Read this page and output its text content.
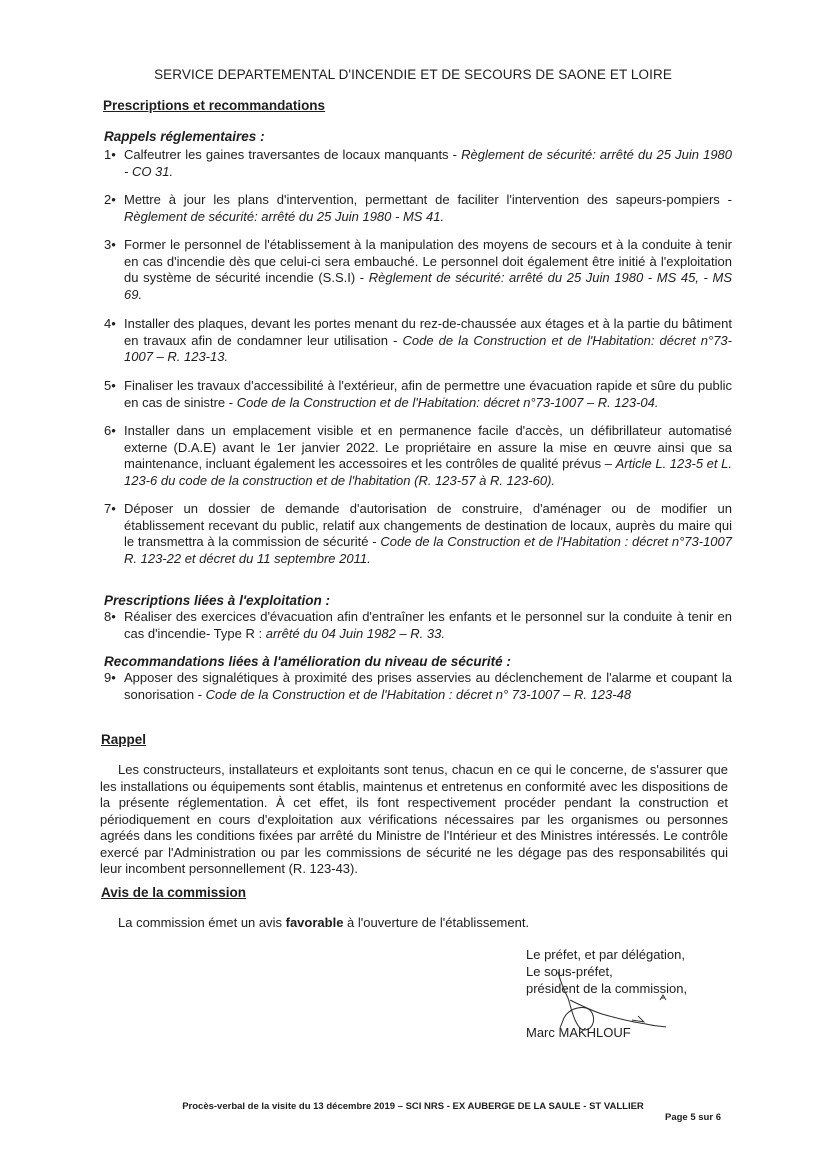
SERVICE DEPARTEMENTAL D'INCENDIE ET DE SECOURS DE SAONE ET LOIRE
Prescriptions et recommandations
Rappels réglementaires :
1• Calfeutrer les gaines traversantes de locaux manquants - Règlement de sécurité: arrêté du 25 Juin 1980 - CO 31.
2• Mettre à jour les plans d'intervention, permettant de faciliter l'intervention des sapeurs-pompiers - Règlement de sécurité: arrêté du 25 Juin 1980 - MS 41.
3• Former le personnel de l'établissement à la manipulation des moyens de secours et à la conduite à tenir en cas d'incendie dès que celui-ci sera embauché. Le personnel doit également être initié à l'exploitation du système de sécurité incendie (S.S.I) - Règlement de sécurité: arrêté du 25 Juin 1980 - MS 45, - MS 69.
4• Installer des plaques, devant les portes menant du rez-de-chaussée aux étages et à la partie du bâtiment en travaux afin de condamner leur utilisation - Code de la Construction et de l'Habitation: décret n°73-1007 – R. 123-13.
5• Finaliser les travaux d'accessibilité à l'extérieur, afin de permettre une évacuation rapide et sûre du public en cas de sinistre - Code de la Construction et de l'Habitation: décret n°73-1007 – R. 123-04.
6• Installer dans un emplacement visible et en permanence facile d'accès, un défibrillateur automatisé externe (D.A.E) avant le 1er janvier 2022. Le propriétaire en assure la mise en œuvre ainsi que sa maintenance, incluant également les accessoires et les contrôles de qualité prévus – Article L. 123-5 et L. 123-6 du code de la construction et de l'habitation (R. 123-57 à R. 123-60).
7• Déposer un dossier de demande d'autorisation de construire, d'aménager ou de modifier un établissement recevant du public, relatif aux changements de destination de locaux, auprès du maire qui le transmettra à la commission de sécurité - Code de la Construction et de l'Habitation : décret n°73-1007 R. 123-22 et décret du 11 septembre 2011.
Prescriptions liées à l'exploitation :
8• Réaliser des exercices d'évacuation afin d'entraîner les enfants et le personnel sur la conduite à tenir en cas d'incendie- Type R : arrêté du 04 Juin 1982 – R. 33.
Recommandations liées à l'amélioration du niveau de sécurité :
9• Apposer des signalétiques à proximité des prises asservies au déclenchement de l'alarme et coupant la sonorisation - Code de la Construction et de l'Habitation : décret n° 73-1007 – R. 123-48
Rappel
Les constructeurs, installateurs et exploitants sont tenus, chacun en ce qui le concerne, de s'assurer que les installations ou équipements sont établis, maintenus et entretenus en conformité avec les dispositions de la présente réglementation. À cet effet, ils font respectivement procéder pendant la construction et périodiquement en cours d'exploitation aux vérifications nécessaires par les organismes ou personnes agréés dans les conditions fixées par arrêté du Ministre de l'Intérieur et des Ministres intéressés. Le contrôle exercé par l'Administration ou par les commissions de sécurité ne les dégage pas des responsabilités qui leur incombent personnellement (R. 123-43).
Avis de la commission
La commission émet un avis favorable à l'ouverture de l'établissement.
Le préfet, et par délégation,
Le sous-préfet,
président de la commission,
Marc MAKHLOUF
Procès-verbal de la visite du 13 décembre 2019 – SCI NRS - EX AUBERGE DE LA SAULE - ST VALLIER
Page 5 sur 6
